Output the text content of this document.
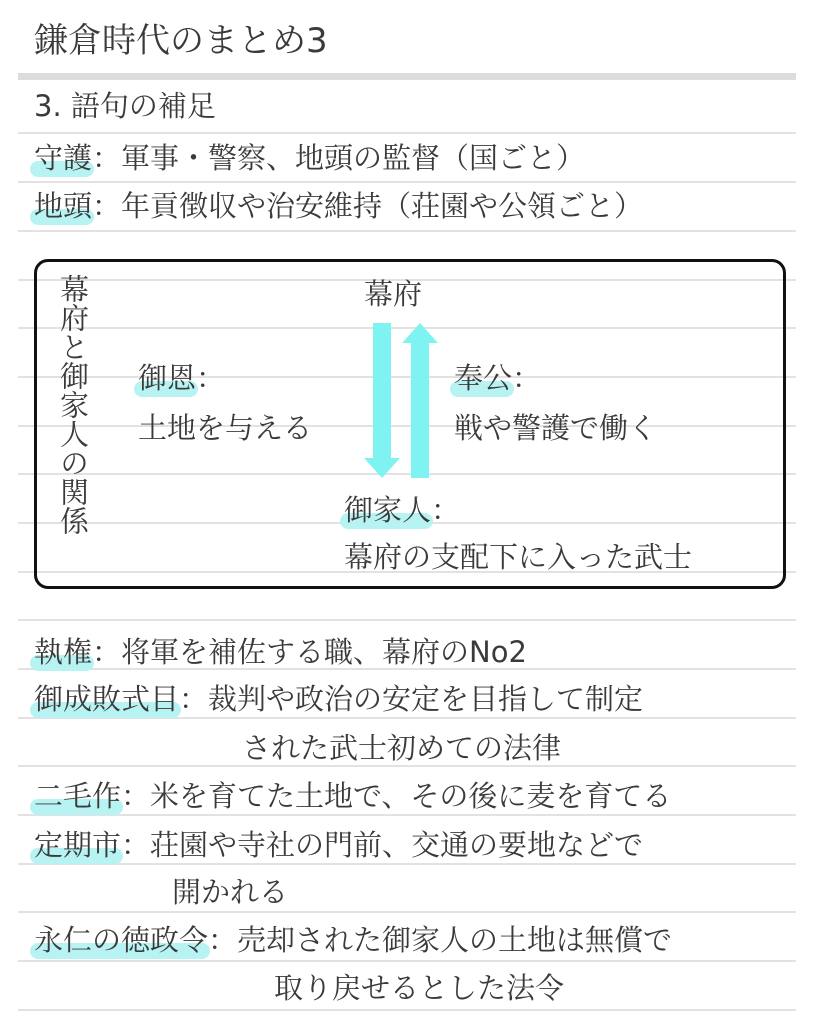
鎌倉時代のまとめ3
3. 語句の補足
守護：軍事・警察、地頭の監督（国ごと）
地頭：年貢徴収や治安維持（荘園や公領ごと）
幕府と御家人の関係	幕府
御恩：
土地を与える
奉公：
戦や警護で働く
御家人：
幕府の支配下に入った武士
執権：将軍を補佐する職、幕府のNo2
御成敗式目：裁判や政治の安定を目指して制定
された武士初めての法律
二毛作：米を育てた土地で、その後に麦を育てる
定期市：荘園や寺社の門前、交通の要地などで
開かれる
永仁の徳政令：売却された御家人の土地は無償で
取り戻せるとした法令
